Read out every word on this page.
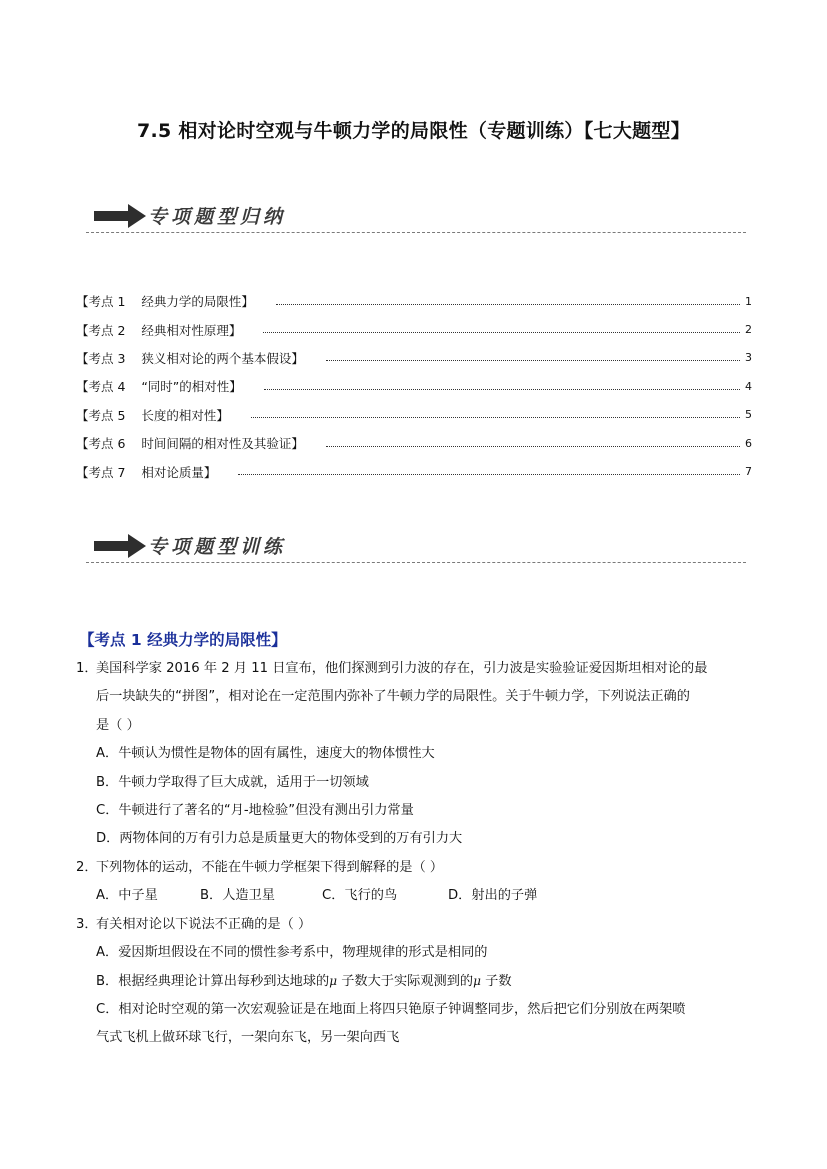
7.5 相对论时空观与牛顿力学的局限性（专题训练）【七大题型】
专项题型归纳
【考点 1    经典力学的局限性】	1
【考点 2    经典相对性原理】	2
【考点 3    狭义相对论的两个基本假设】	3
【考点 4    “同时”的相对性】	4
【考点 5    长度的相对性】	5
【考点 6    时间间隔的相对性及其验证】	6
【考点 7    相对论质量】	7
专项题型训练
【考点 1 经典力学的局限性】
1．美国科学家 2016 年 2 月 11 日宣布，他们探测到引力波的存在，引力波是实验验证爱因斯坦相对论的最
后一块缺失的“拼图”，相对论在一定范围内弥补了牛顿力学的局限性。关于牛顿力学，下列说法正确的
是（ ）
A．牛顿认为惯性是物体的固有属性，速度大的物体惯性大
B．牛顿力学取得了巨大成就，适用于一切领域
C．牛顿进行了著名的“月-地检验”但没有测出引力常量
D．两物体间的万有引力总是质量更大的物体受到的万有引力大
2．下列物体的运动，不能在牛顿力学框架下得到解释的是（ ）
A．中子星	B．人造卫星	C．飞行的鸟	D．射出的子弹
3．有关相对论以下说法不正确的是（ ）
A．爱因斯坦假设在不同的惯性参考系中，物理规律的形式是相同的
B．根据经典理论计算出每秒到达地球的μ 子数大于实际观测到的μ 子数
C．相对论时空观的第一次宏观验证是在地面上将四只铯原子钟调整同步，然后把它们分别放在两架喷
气式飞机上做环球飞行，一架向东飞，另一架向西飞
